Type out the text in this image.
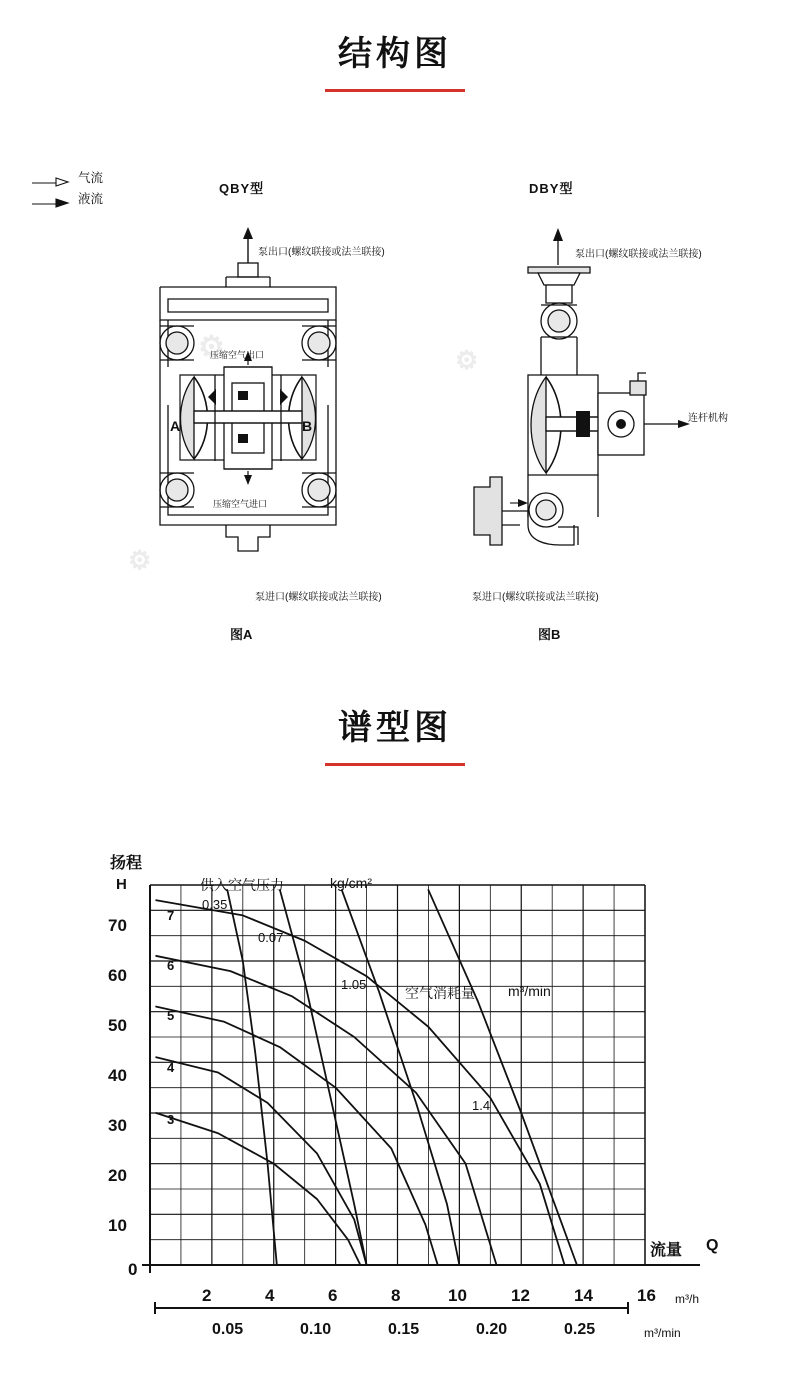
结构图
气流
液流
QBY型	DBY型
⚙
⚙
⚙
泵出口(螺纹联接或法兰联接)
泵进口(螺纹联接或法兰联接)
压缩空气出口
压缩空气进口
A	B
泵出口(螺纹联接或法兰联接)
泵进口(螺纹联接或法兰联接)
连杆机构
图A	图B
谱型图
扬程
H
流量 Q
供入空气压力	kg/cm²
空气消耗量 m³/min
0.35
0.07
1.05
1.4
7
6
5
4
3
70
60
50
40
30
20
10
0
2	4	6	8	10	12	14	16 m³/h
0.05	0.10	0.15	0.20	0.25	m³/min
